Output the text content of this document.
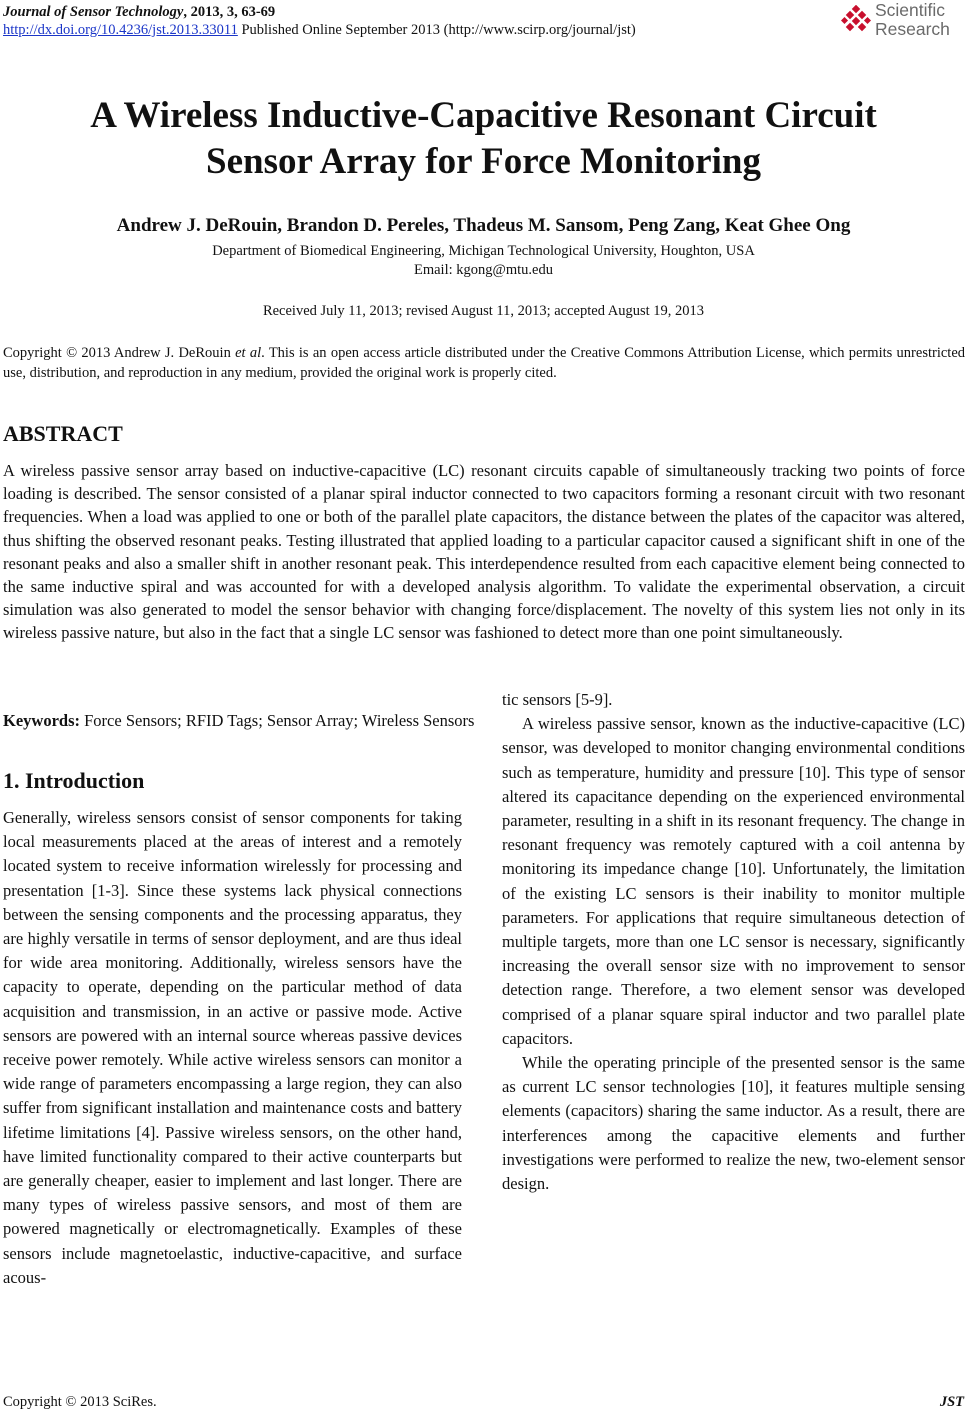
Journal of Sensor Technology, 2013, 3, 63-69
http://dx.doi.org/10.4236/jst.2013.33011 Published Online September 2013 (http://www.scirp.org/journal/jst)
Scientific
Research
A Wireless Inductive-Capacitive Resonant Circuit
Sensor Array for Force Monitoring
Andrew J. DeRouin, Brandon D. Pereles, Thadeus M. Sansom, Peng Zang, Keat Ghee Ong
Department of Biomedical Engineering, Michigan Technological University, Houghton, USA
Email: kgong@mtu.edu
Received July 11, 2013; revised August 11, 2013; accepted August 19, 2013
Copyright © 2013 Andrew J. DeRouin et al. This is an open access article distributed under the Creative Commons Attribution License, which permits unrestricted use, distribution, and reproduction in any medium, provided the original work is properly cited.
ABSTRACT
A wireless passive sensor array based on inductive-capacitive (LC) resonant circuits capable of simultaneously tracking two points of force loading is described. The sensor consisted of a planar spiral inductor connected to two capacitors forming a resonant circuit with two resonant frequencies. When a load was applied to one or both of the parallel plate capacitors, the distance between the plates of the capacitor was altered, thus shifting the observed resonant peaks. Testing illustrated that applied loading to a particular capacitor caused a significant shift in one of the resonant peaks and also a smaller shift in another resonant peak. This interdependence resulted from each capacitive element being connected to the same inductive spiral and was accounted for with a developed analysis algorithm. To validate the experimental observation, a circuit simulation was also generated to model the sensor behavior with changing force/displacement. The novelty of this system lies not only in its wireless passive nature, but also in the fact that a single LC sensor was fashioned to detect more than one point simultaneously.
Keywords: Force Sensors; RFID Tags; Sensor Array; Wireless Sensors
1. Introduction

Generally, wireless sensors consist of sensor components for taking local measurements placed at the areas of interest and a remotely located system to receive information wirelessly for processing and presentation [1-3]. Since these systems lack physical connections between the sensing components and the processing apparatus, they are highly versatile in terms of sensor deployment, and are thus ideal for wide area monitoring. Additionally, wireless sensors have the capacity to operate, depending on the particular method of data acquisition and transmission, in an active or passive mode. Active sensors are powered with an internal source whereas passive devices receive power remotely. While active wireless sensors can monitor a wide range of parameters encompassing a large region, they can also suffer from significant installation and maintenance costs and battery lifetime limitations [4]. Passive wireless sensors, on the other hand, have limited functionality compared to their active counterparts but are generally cheaper, easier to implement and last longer. There are many types of wireless passive sensors, and most of them are powered magnetically or electromagnetically. Examples of these sensors include magnetoelastic, inductive-capacitive, and surface acous-

tic sensors [5-9].

A wireless passive sensor, known as the inductive-capacitive (LC) sensor, was developed to monitor changing environmental conditions such as temperature, humidity and pressure [10]. This type of sensor altered its capacitance depending on the experienced environmental parameter, resulting in a shift in its resonant frequency. The change in resonant frequency was remotely captured with a coil antenna by monitoring its impedance change [10]. Unfortunately, the limitation of the existing LC sensors is their inability to monitor multiple parameters. For applications that require simultaneous detection of multiple targets, more than one LC sensor is necessary, significantly increasing the overall sensor size with no improvement to sensor detection range. Therefore, a two element sensor was developed comprised of a planar square spiral inductor and two parallel plate capacitors.

While the operating principle of the presented sensor is the same as current LC sensor technologies [10], it features multiple sensing elements (capacitors) sharing the same inductor. As a result, there are interferences among the capacitive elements and further investigations were performed to realize the new, two-element sensor design.

Copyright © 2013 SciRes.	JST
